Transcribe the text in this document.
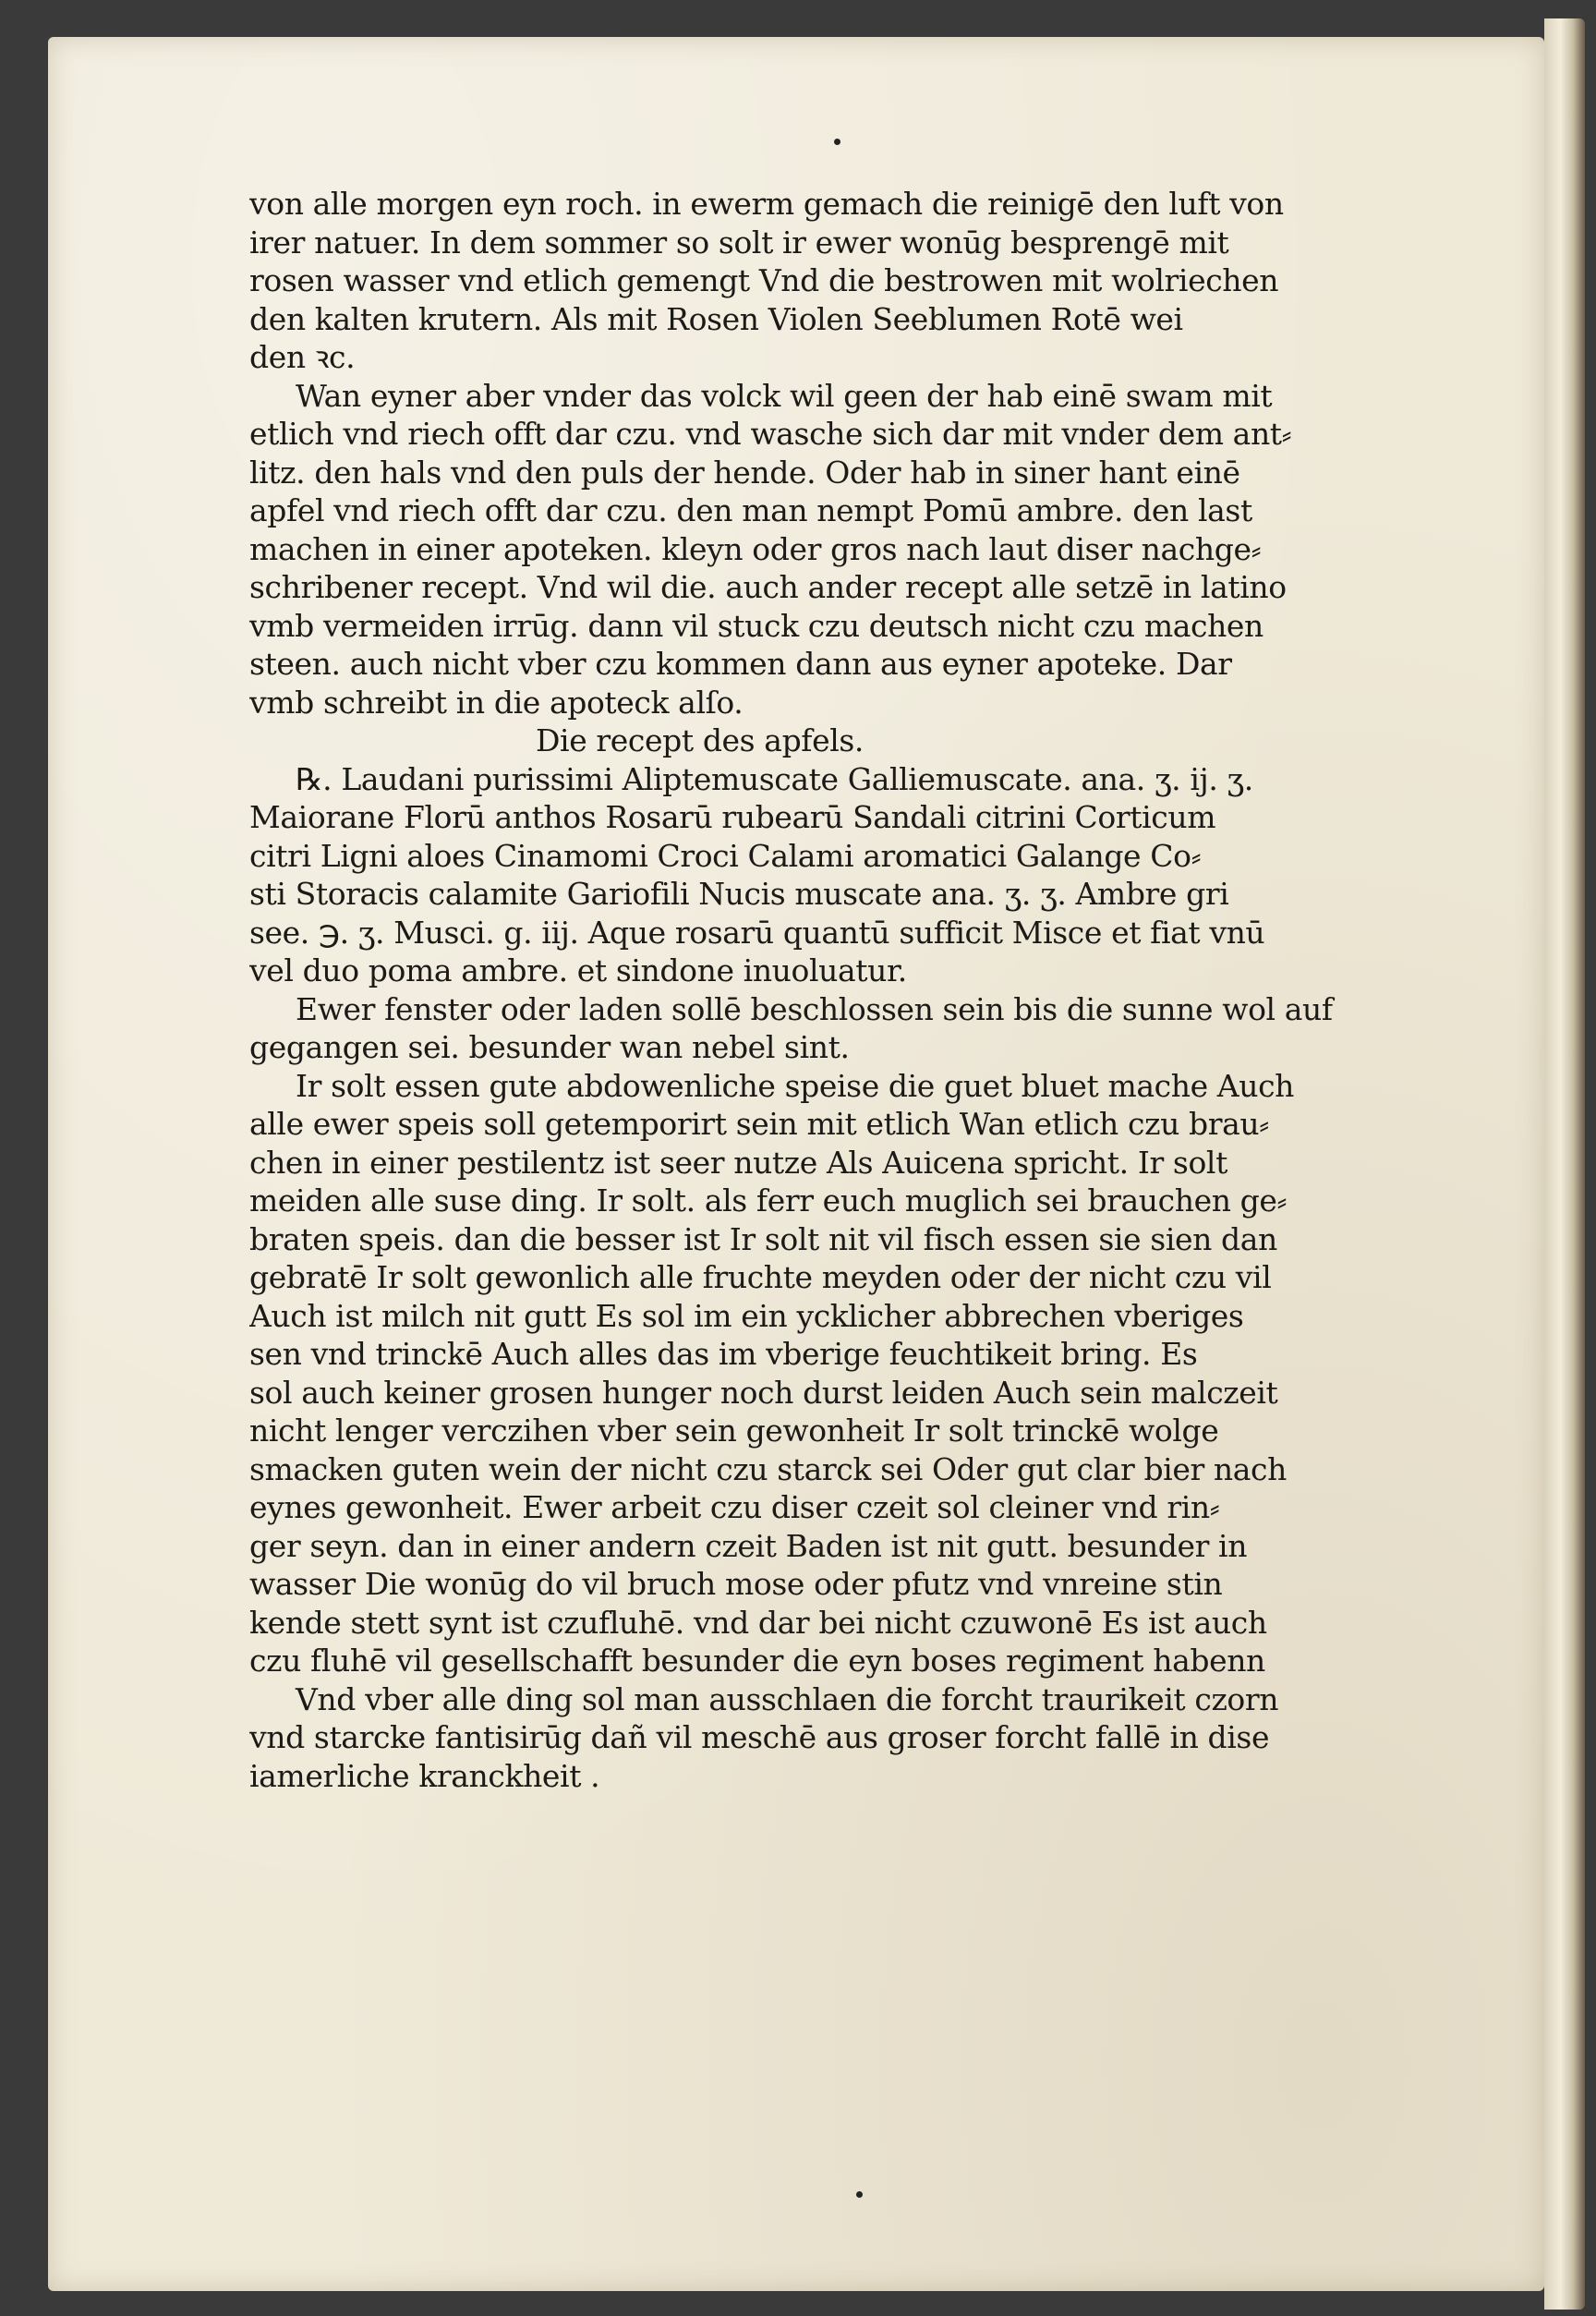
von alle morgen eyn roch. in ewerm gemach die reinigē den luft von
irer natuer. In dem sommer so solt ir ewer wonūg besprengē mit
rosen wasser vnd etlich gemengt Vnd die bestrowen mit wolriechen
den kalten krutern. Als mit Rosen Violen Seeblumen Rotē wei
den ꝛc.
Wan eyner aber vnder das volck wil geen der hab einē swam mit
etlich vnd riech offt dar czu. vnd wasche sich dar mit vnder dem ant⸗
litz. den hals vnd den puls der hende. Oder hab in siner hant einē
apfel vnd riech offt dar czu. den man nempt Pomū ambre. den last
machen in einer apoteken. kleyn oder gros nach laut diser nachge⸗
schribener recept. Vnd wil die. auch ander recept alle setzē in latino
vmb vermeiden irrūg. dann vil stuck czu deutsch nicht czu machen
steen. auch nicht vber czu kommen dann aus eyner apoteke. Dar
vmb schreibt in die apoteck alſo.
Die recept des apfels.
℞. Laudani purissimi Aliptemuscate Galliemuscate. ana. ʒ. ij. ʒ.
Maiorane Florū anthos Rosarū rubearū Sandali citrini Corticum
citri Ligni aloes Cinamomi Croci Calami aromatici Galange Co⸗
sti Storacis calamite Gariofili Nucis muscate ana. ʒ. ʒ. Ambre gri
see. ℈. ʒ. Musci. g. iij. Aque rosarū quantū sufficit Misce et fiat vnū
vel duo poma ambre. et sindone inuoluatur.
Ewer fenster oder laden sollē beschlossen sein bis die sunne wol auf
gegangen sei. besunder wan nebel sint.
Ir solt essen gute abdowenliche speise die guet bluet mache Auch
alle ewer speis soll getemporirt sein mit etlich Wan etlich czu brau⸗
chen in einer pestilentz ist seer nutze Als Auicena spricht. Ir solt
meiden alle suse ding. Ir solt. als ferr euch muglich sei brauchen ge⸗
braten speis. dan die besser ist Ir solt nit vil fisch essen sie sien dan
gebratē Ir solt gewonlich alle fruchte meyden oder der nicht czu vil
Auch ist milch nit gutt Es sol im ein ycklicher abbrechen vberiges
sen vnd trinckē Auch alles das im vberige feuchtikeit bring. Es
sol auch keiner grosen hunger noch durst leiden Auch sein malczeit
nicht lenger verczihen vber sein gewonheit Ir solt trinckē wolge
smacken guten wein der nicht czu starck sei Oder gut clar bier nach
eynes gewonheit. Ewer arbeit czu diser czeit sol cleiner vnd rin⸗
ger seyn. dan in einer andern czeit Baden ist nit gutt. besunder in
wasser Die wonūg do vil bruch mose oder pfutz vnd vnreine stin
kende stett synt ist czufluhē. vnd dar bei nicht czuwonē Es ist auch
czu fluhē vil gesellschafft besunder die eyn boses regiment habenn
Vnd vber alle ding sol man ausschlaen die forcht traurikeit czorn
vnd starcke fantisirūg dañ vil meschē aus groser forcht fallē in dise
iamerliche kranckheit .
